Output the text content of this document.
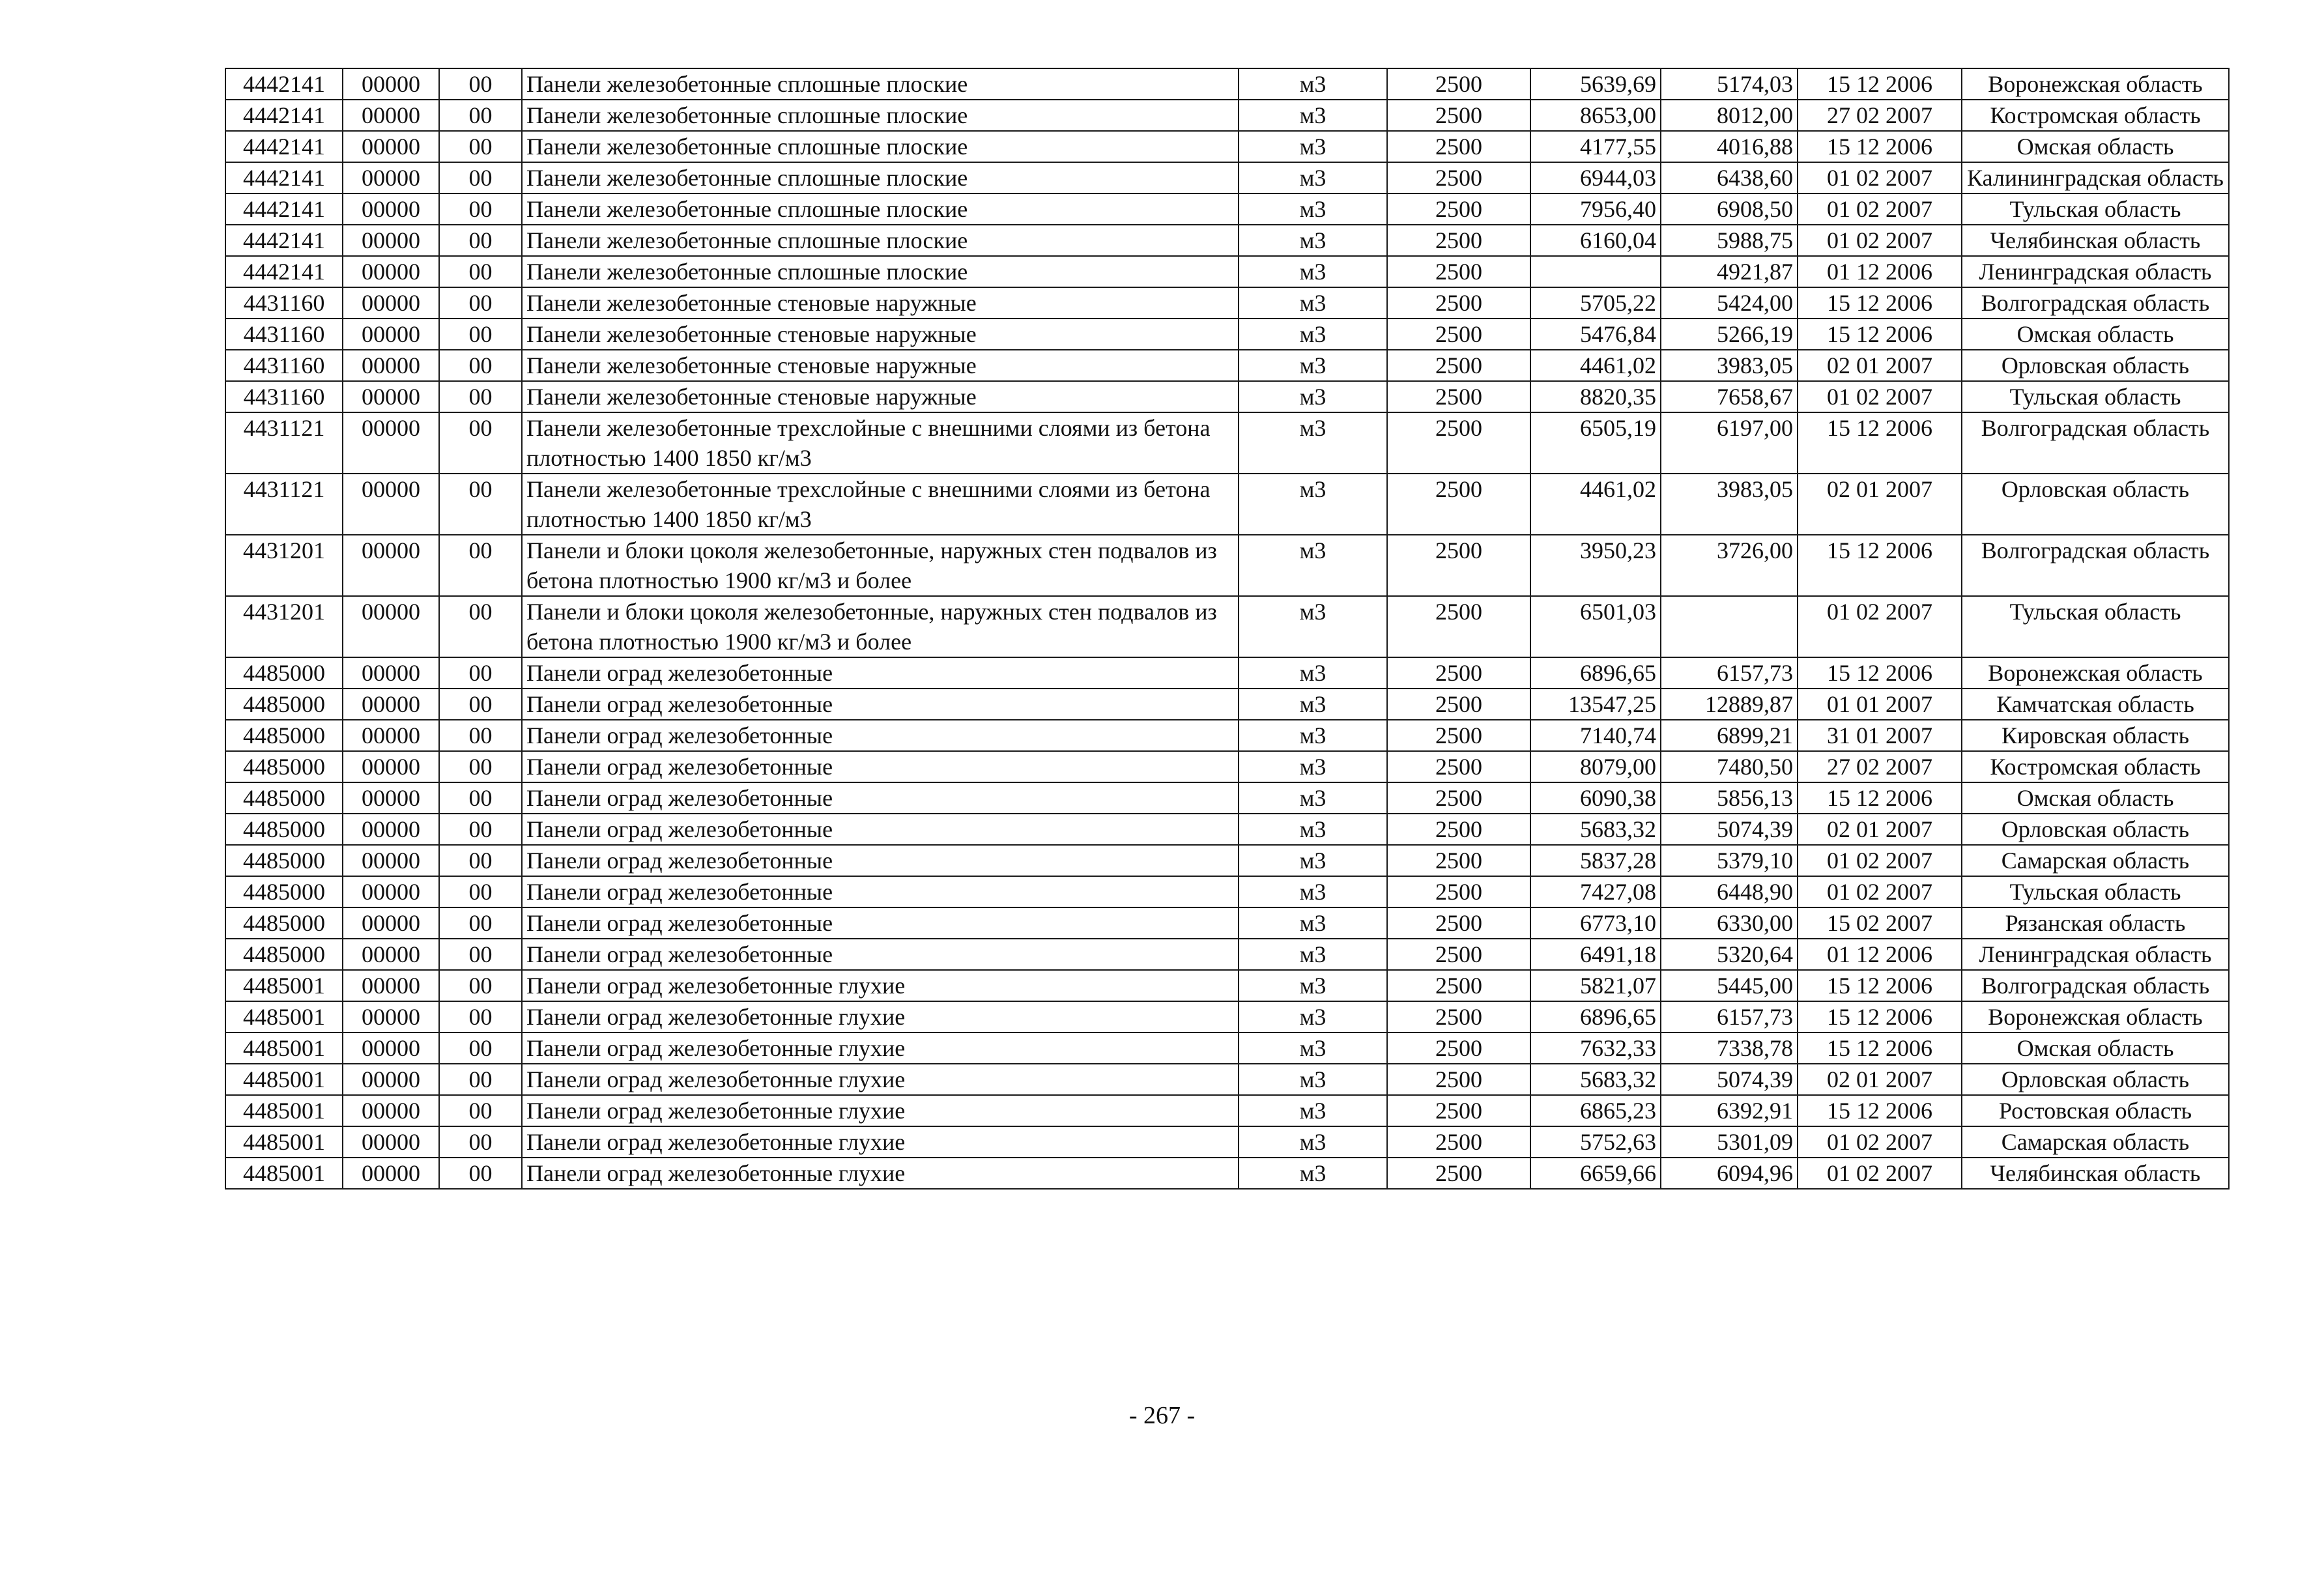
4442141	00000	00	Панели железобетонные сплошные плоские	м3	2500	5639,69	5174,03	15 12 2006	Воронежская область
4442141	00000	00	Панели железобетонные сплошные плоские	м3	2500	8653,00	8012,00	27 02 2007	Костромская область
4442141	00000	00	Панели железобетонные сплошные плоские	м3	2500	4177,55	4016,88	15 12 2006	Омская область
4442141	00000	00	Панели железобетонные сплошные плоские	м3	2500	6944,03	6438,60	01 02 2007	Калининградская область
4442141	00000	00	Панели железобетонные сплошные плоские	м3	2500	7956,40	6908,50	01 02 2007	Тульская область
4442141	00000	00	Панели железобетонные сплошные плоские	м3	2500	6160,04	5988,75	01 02 2007	Челябинская область
4442141	00000	00	Панели железобетонные сплошные плоские	м3	2500		4921,87	01 12 2006	Ленинградская область
4431160	00000	00	Панели железобетонные стеновые наружные	м3	2500	5705,22	5424,00	15 12 2006	Волгоградская область
4431160	00000	00	Панели железобетонные стеновые наружные	м3	2500	5476,84	5266,19	15 12 2006	Омская область
4431160	00000	00	Панели железобетонные стеновые наружные	м3	2500	4461,02	3983,05	02 01 2007	Орловская область
4431160	00000	00	Панели железобетонные стеновые наружные	м3	2500	8820,35	7658,67	01 02 2007	Тульская область
4431121	00000	00	Панели железобетонные трехслойные с внешними слоями из бетона плотностью 1400 1850 кг/м3	м3	2500	6505,19	6197,00	15 12 2006	Волгоградская область
4431121	00000	00	Панели железобетонные трехслойные с внешними слоями из бетона плотностью 1400 1850 кг/м3	м3	2500	4461,02	3983,05	02 01 2007	Орловская область
4431201	00000	00	Панели и блоки цоколя железобетонные, наружных стен подвалов из бетона плотностью 1900 кг/м3 и более	м3	2500	3950,23	3726,00	15 12 2006	Волгоградская область
4431201	00000	00	Панели и блоки цоколя железобетонные, наружных стен подвалов из бетона плотностью 1900 кг/м3 и более	м3	2500	6501,03		01 02 2007	Тульская область
4485000	00000	00	Панели оград железобетонные	м3	2500	6896,65	6157,73	15 12 2006	Воронежская область
4485000	00000	00	Панели оград железобетонные	м3	2500	13547,25	12889,87	01 01 2007	Камчатская область
4485000	00000	00	Панели оград железобетонные	м3	2500	7140,74	6899,21	31 01 2007	Кировская область
4485000	00000	00	Панели оград железобетонные	м3	2500	8079,00	7480,50	27 02 2007	Костромская область
4485000	00000	00	Панели оград железобетонные	м3	2500	6090,38	5856,13	15 12 2006	Омская область
4485000	00000	00	Панели оград железобетонные	м3	2500	5683,32	5074,39	02 01 2007	Орловская область
4485000	00000	00	Панели оград железобетонные	м3	2500	5837,28	5379,10	01 02 2007	Самарская область
4485000	00000	00	Панели оград железобетонные	м3	2500	7427,08	6448,90	01 02 2007	Тульская область
4485000	00000	00	Панели оград железобетонные	м3	2500	6773,10	6330,00	15 02 2007	Рязанская область
4485000	00000	00	Панели оград железобетонные	м3	2500	6491,18	5320,64	01 12 2006	Ленинградская область
4485001	00000	00	Панели оград железобетонные глухие	м3	2500	5821,07	5445,00	15 12 2006	Волгоградская область
4485001	00000	00	Панели оград железобетонные глухие	м3	2500	6896,65	6157,73	15 12 2006	Воронежская область
4485001	00000	00	Панели оград железобетонные глухие	м3	2500	7632,33	7338,78	15 12 2006	Омская область
4485001	00000	00	Панели оград железобетонные глухие	м3	2500	5683,32	5074,39	02 01 2007	Орловская область
4485001	00000	00	Панели оград железобетонные глухие	м3	2500	6865,23	6392,91	15 12 2006	Ростовская область
4485001	00000	00	Панели оград железобетонные глухие	м3	2500	5752,63	5301,09	01 02 2007	Самарская область
4485001	00000	00	Панели оград железобетонные глухие	м3	2500	6659,66	6094,96	01 02 2007	Челябинская область
- 267 -
